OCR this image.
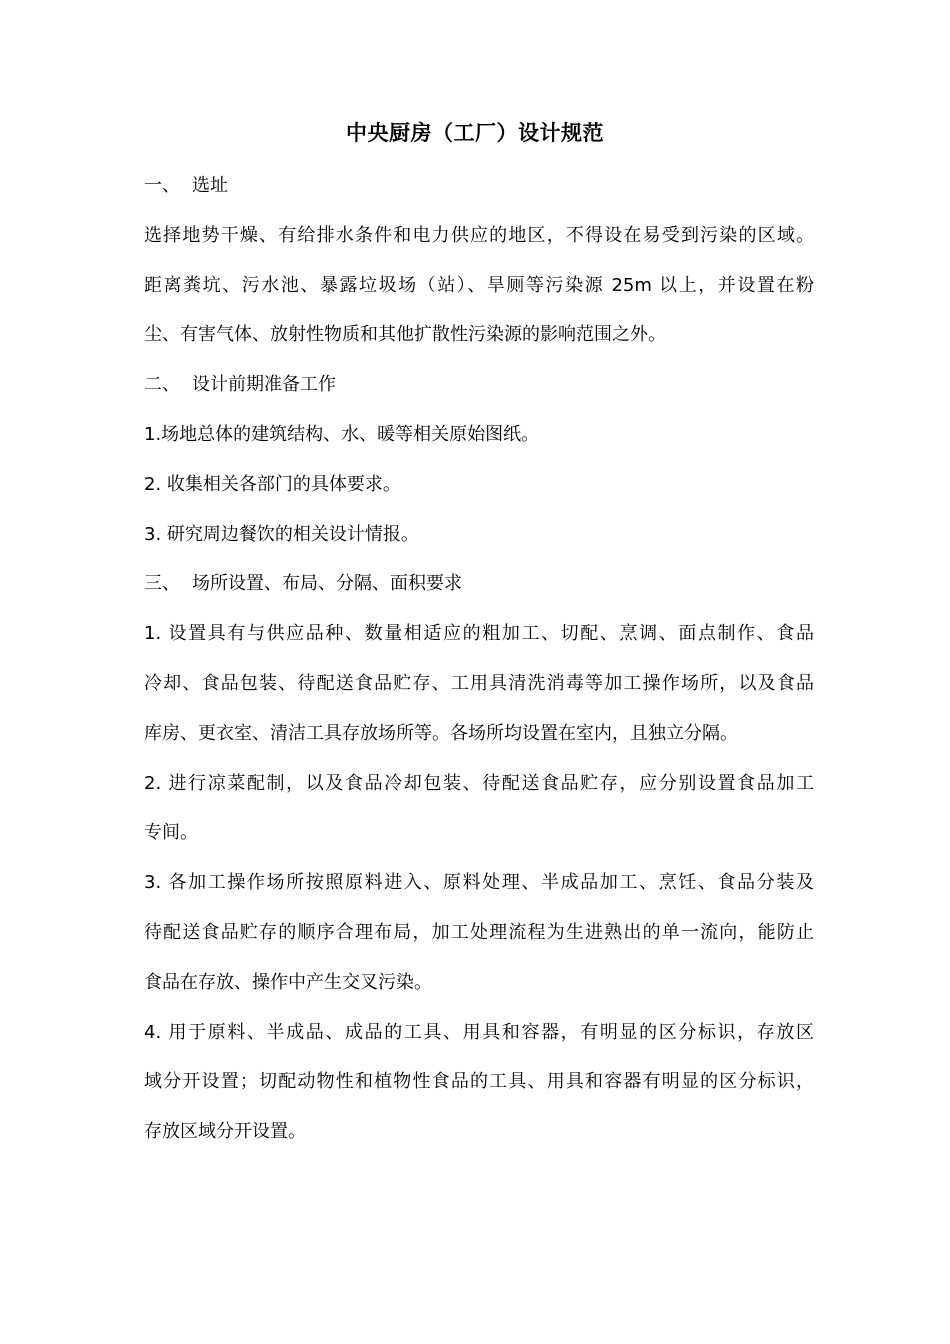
中央厨房（工厂）设计规范
一、 选址
选择地势干燥、有给排水条件和电力供应的地区，不得设在易受到污染的区域。
距离粪坑、污水池、暴露垃圾场（站）、旱厕等污染源 25m 以上，并设置在粉
尘、有害气体、放射性物质和其他扩散性污染源的影响范围之外。
二、 设计前期准备工作
1.场地总体的建筑结构、水、暖等相关原始图纸。
2. 收集相关各部门的具体要求。
3. 研究周边餐饮的相关设计情报。
三、 场所设置、布局、分隔、面积要求
1. 设置具有与供应品种、数量相适应的粗加工、切配、烹调、面点制作、食品
冷却、食品包装、待配送食品贮存、工用具清洗消毒等加工操作场所，以及食品
库房、更衣室、清洁工具存放场所等。各场所均设置在室内，且独立分隔。
2. 进行凉菜配制，以及食品冷却包装、待配送食品贮存，应分别设置食品加工
专间。
3. 各加工操作场所按照原料进入、原料处理、半成品加工、烹饪、食品分装及
待配送食品贮存的顺序合理布局，加工处理流程为生进熟出的单一流向，能防止
食品在存放、操作中产生交叉污染。
4. 用于原料、半成品、成品的工具、用具和容器，有明显的区分标识，存放区
域分开设置；切配动物性和植物性食品的工具、用具和容器有明显的区分标识，
存放区域分开设置。
